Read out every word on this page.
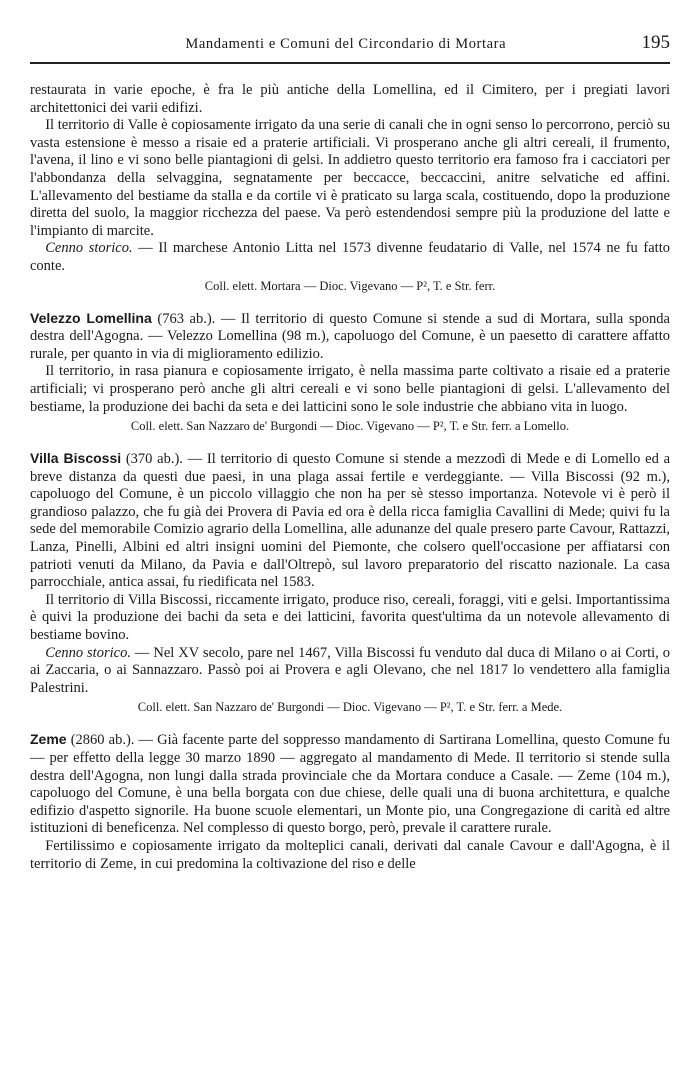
Mandamenti e Comuni del Circondario di Mortara	195

restaurata in varie epoche, è fra le più antiche della Lomellina, ed il Cimitero, per i pregiati lavori architettonici dei varii edifizi.

Il territorio di Valle è copiosamente irrigato da una serie di canali che in ogni senso lo percorrono, perciò su vasta estensione è messo a risaie ed a praterie artificiali. Vi prosperano anche gli altri cereali, il frumento, l'avena, il lino e vi sono belle piantagioni di gelsi. In addietro questo territorio era famoso fra i cacciatori per l'abbondanza della selvaggina, segnatamente per beccacce, beccaccini, anitre selvatiche ed affini. L'allevamento del bestiame da stalla e da cortile vi è praticato su larga scala, costituendo, dopo la produzione diretta del suolo, la maggior ricchezza del paese. Va però estendendosi sempre più la produzione del latte e l'impianto di marcite.

Cenno storico. — Il marchese Antonio Litta nel 1573 divenne feudatario di Valle, nel 1574 ne fu fatto conte.

Coll. elett. Mortara — Dioc. Vigevano — P², T. e Str. ferr.

Velezzo Lomellina (763 ab.). — Il territorio di questo Comune si stende a sud di Mortara, sulla sponda destra dell'Agogna. — Velezzo Lomellina (98 m.), capoluogo del Comune, è un paesetto di carattere affatto rurale, per quanto in via di miglioramento edilizio.

Il territorio, in rasa pianura e copiosamente irrigato, è nella massima parte coltivato a risaie ed a praterie artificiali; vi prosperano però anche gli altri cereali e vi sono belle piantagioni di gelsi. L'allevamento del bestiame, la produzione dei bachi da seta e dei latticini sono le sole industrie che abbiano vita in luogo.

Coll. elett. San Nazzaro de' Burgondi — Dioc. Vigevano — P², T. e Str. ferr. a Lomello.

Villa Biscossi (370 ab.). — Il territorio di questo Comune si stende a mezzodì di Mede e di Lomello ed a breve distanza da questi due paesi, in una plaga assai fertile e verdeggiante. — Villa Biscossi (92 m.), capoluogo del Comune, è un piccolo villaggio che non ha per sè stesso importanza. Notevole vi è però il grandioso palazzo, che fu già dei Provera di Pavia ed ora è della ricca famiglia Cavallini di Mede; quivi fu la sede del memorabile Comizio agrario della Lomellina, alle adunanze del quale presero parte Cavour, Rattazzi, Lanza, Pinelli, Albini ed altri insigni uomini del Piemonte, che colsero quell'occasione per affiatarsi con patrioti venuti da Milano, da Pavia e dall'Oltrepò, sul lavoro preparatorio del riscatto nazionale. La casa parrocchiale, antica assai, fu riedificata nel 1583.

Il territorio di Villa Biscossi, riccamente irrigato, produce riso, cereali, foraggi, viti e gelsi. Importantissima è quivi la produzione dei bachi da seta e dei latticini, favorita quest'ultima da un notevole allevamento di bestiame bovino.

Cenno storico. — Nel XV secolo, pare nel 1467, Villa Biscossi fu venduto dal duca di Milano o ai Corti, o ai Zaccaria, o ai Sannazzaro. Passò poi ai Provera e agli Olevano, che nel 1817 lo vendettero alla famiglia Palestrini.

Coll. elett. San Nazzaro de' Burgondi — Dioc. Vigevano — P², T. e Str. ferr. a Mede.

Zeme (2860 ab.). — Già facente parte del soppresso mandamento di Sartirana Lomellina, questo Comune fu — per effetto della legge 30 marzo 1890 — aggregato al mandamento di Mede. Il territorio si stende sulla destra dell'Agogna, non lungi dalla strada provinciale che da Mortara conduce a Casale. — Zeme (104 m.), capoluogo del Comune, è una bella borgata con due chiese, delle quali una di buona architettura, e qualche edifizio d'aspetto signorile. Ha buone scuole elementari, un Monte pio, una Congregazione di carità ed altre istituzioni di beneficenza. Nel complesso di questo borgo, però, prevale il carattere rurale.

Fertilissimo e copiosamente irrigato da molteplici canali, derivati dal canale Cavour e dall'Agogna, è il territorio di Zeme, in cui predomina la coltivazione del riso e delle
